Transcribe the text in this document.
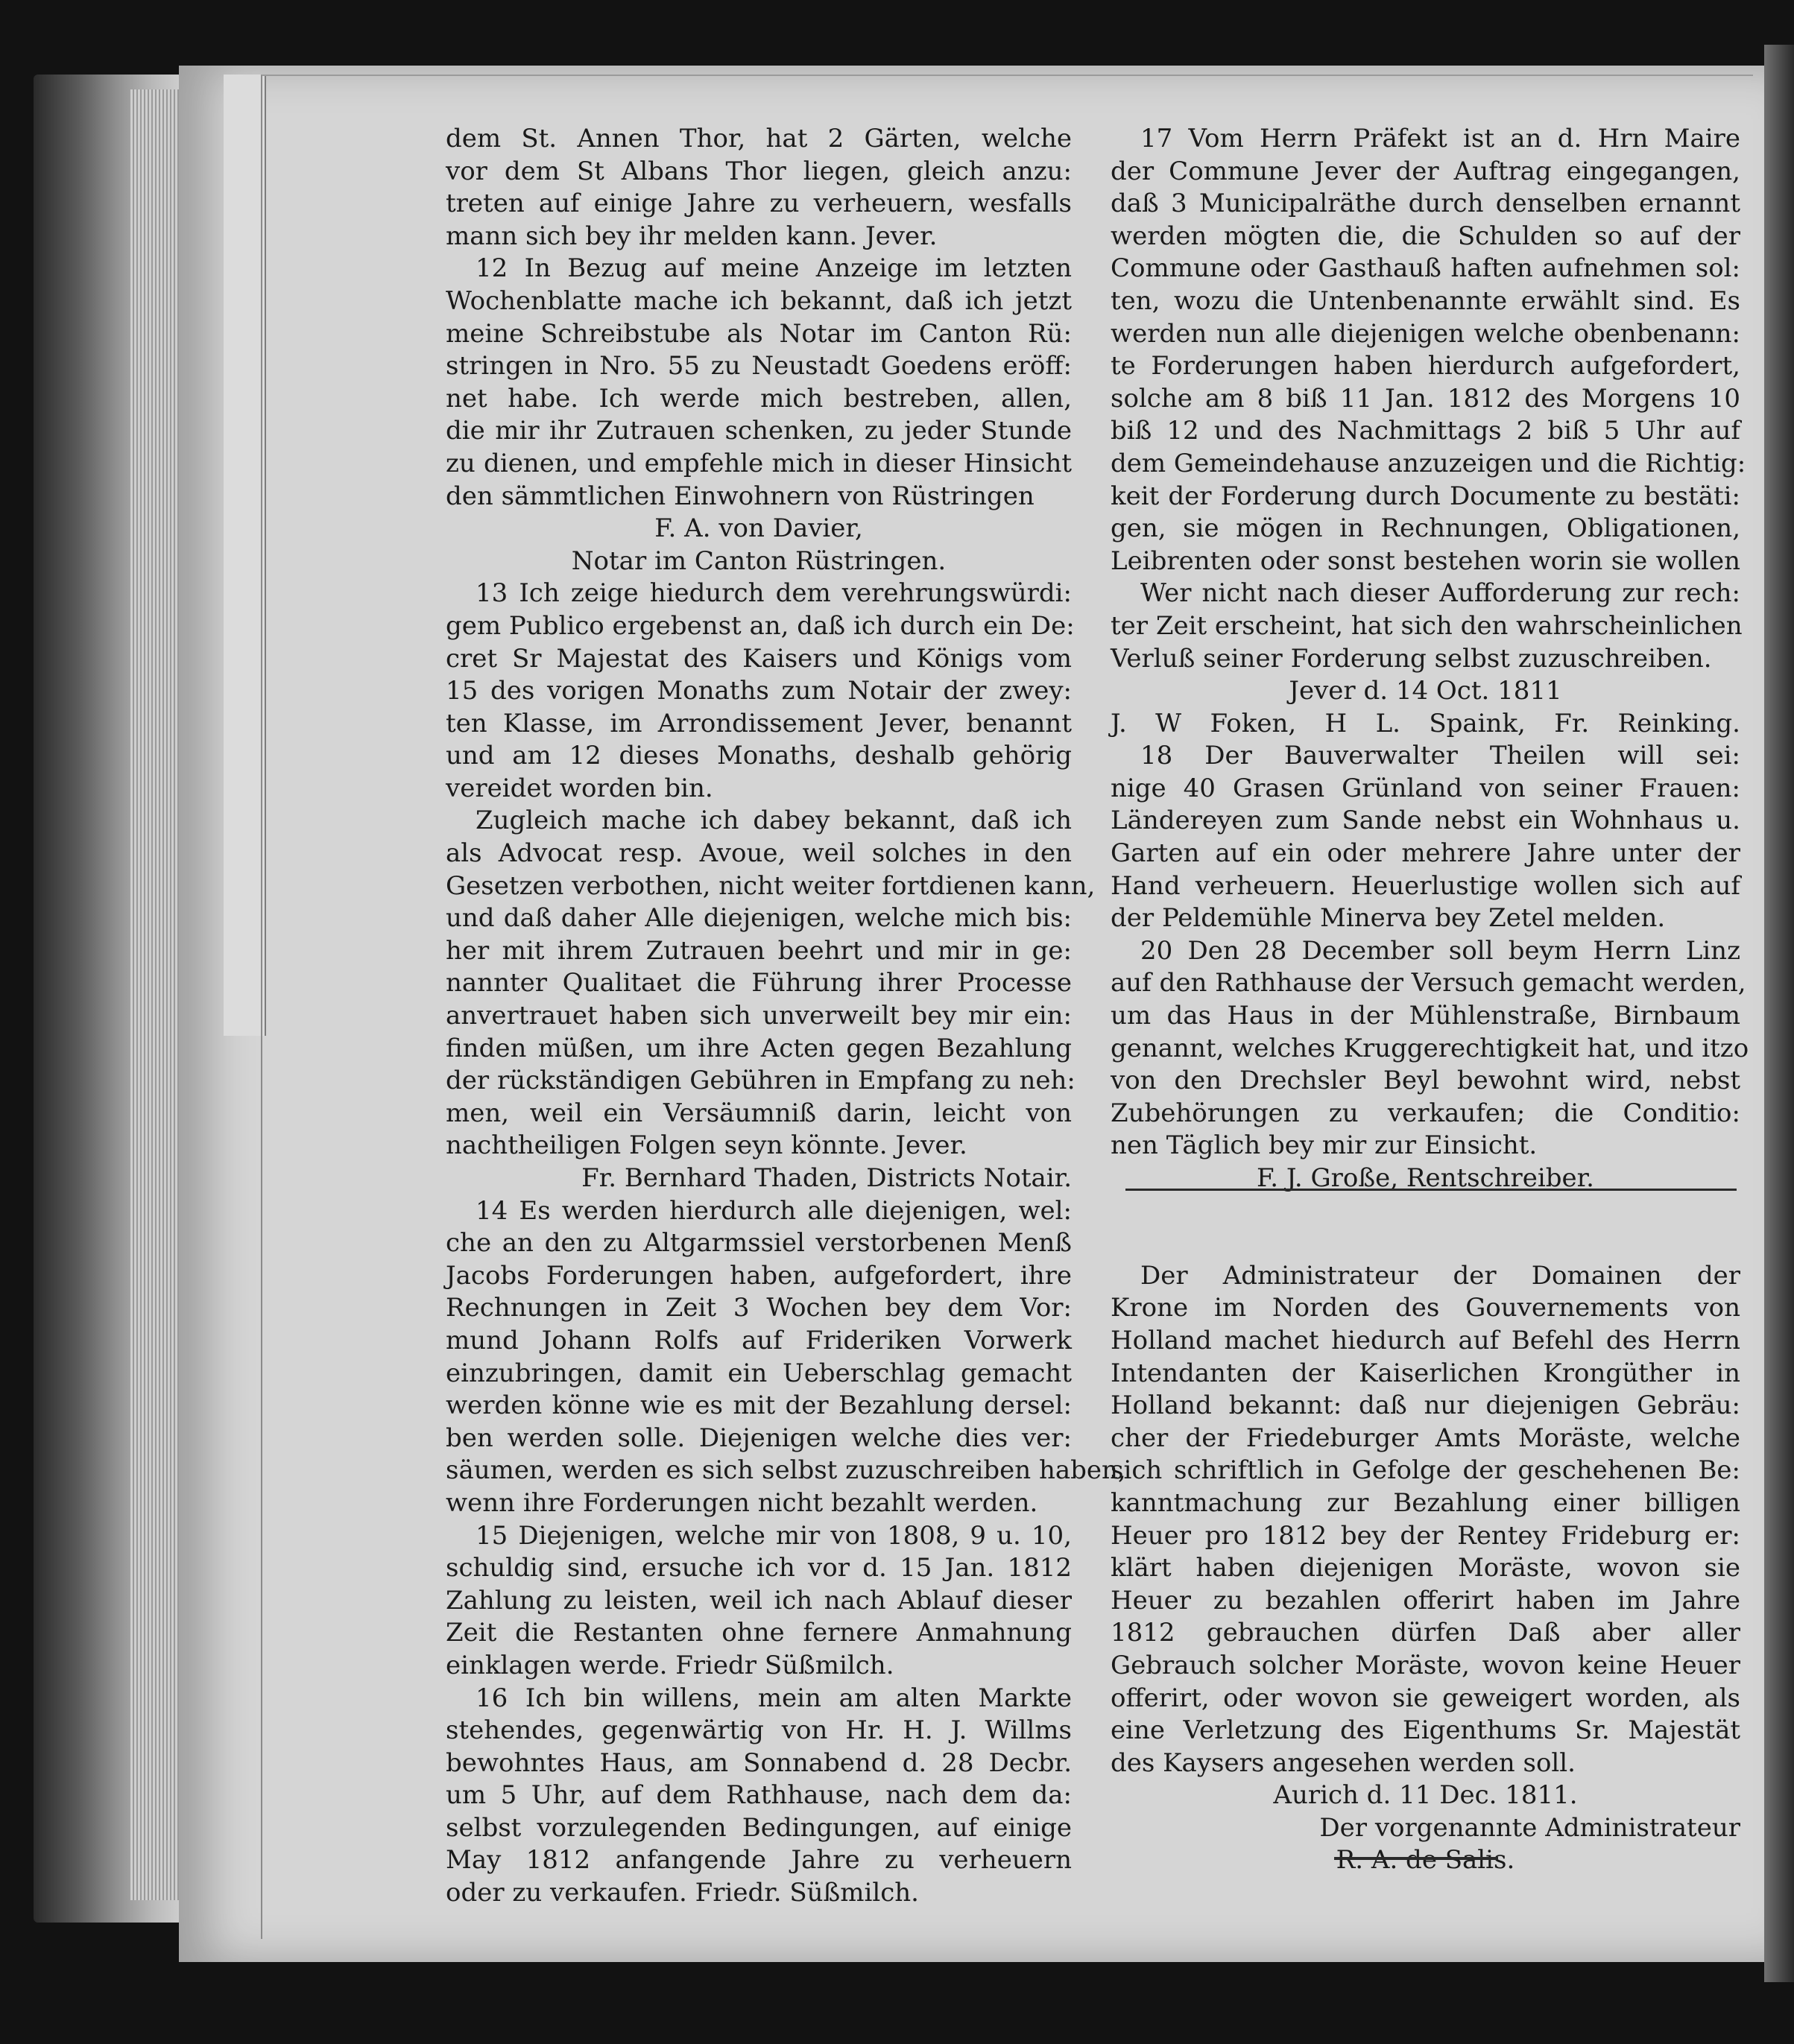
dem St. Annen Thor, hat 2 Gärten, welche
vor dem St Albans Thor liegen, gleich anzu:
treten auf einige Jahre zu verheuern, wesfalls
mann sich bey ihr melden kann. Jever.
12 In Bezug auf meine Anzeige im letzten
Wochenblatte mache ich bekannt, daß ich jetzt
meine Schreibstube als Notar im Canton Rü:
stringen in Nro. 55 zu Neustadt Goedens eröff:
net habe. Ich werde mich bestreben, allen,
die mir ihr Zutrauen schenken, zu jeder Stunde
zu dienen, und empfehle mich in dieser Hinsicht
den sämmtlichen Einwohnern von Rüstringen
F. A. von Davier,
Notar im Canton Rüstringen.
13 Ich zeige hiedurch dem verehrungswürdi:
gem Publico ergebenst an, daß ich durch ein De:
cret Sr Majestat des Kaisers und Königs vom
15 des vorigen Monaths zum Notair der zwey:
ten Klasse, im Arrondissement Jever, benannt
und am 12 dieses Monaths, deshalb gehörig
vereidet worden bin.
Zugleich mache ich dabey bekannt, daß ich
als Advocat resp. Avoue, weil solches in den
Gesetzen verbothen, nicht weiter fortdienen kann,
und daß daher Alle diejenigen, welche mich bis:
her mit ihrem Zutrauen beehrt und mir in ge:
nannter Qualitaet die Führung ihrer Processe
anvertrauet haben sich unverweilt bey mir ein:
finden müßen, um ihre Acten gegen Bezahlung
der rückständigen Gebühren in Empfang zu neh:
men, weil ein Versäumniß darin, leicht von
nachtheiligen Folgen seyn könnte. Jever.
Fr. Bernhard Thaden, Districts Notair.
14 Es werden hierdurch alle diejenigen, wel:
che an den zu Altgarmssiel verstorbenen Menß
Jacobs Forderungen haben, aufgefordert, ihre
Rechnungen in Zeit 3 Wochen bey dem Vor:
mund Johann Rolfs auf Frideriken Vorwerk
einzubringen, damit ein Ueberschlag gemacht
werden könne wie es mit der Bezahlung dersel:
ben werden solle. Diejenigen welche dies ver:
säumen, werden es sich selbst zuzuschreiben haben,
wenn ihre Forderungen nicht bezahlt werden.
15 Diejenigen, welche mir von 1808, 9 u. 10,
schuldig sind, ersuche ich vor d. 15 Jan. 1812
Zahlung zu leisten, weil ich nach Ablauf dieser
Zeit die Restanten ohne fernere Anmahnung
einklagen werde. Friedr Süßmilch.
16 Ich bin willens, mein am alten Markte
stehendes, gegenwärtig von Hr. H. J. Willms
bewohntes Haus, am Sonnabend d. 28 Decbr.
um 5 Uhr, auf dem Rathhause, nach dem da:
selbst vorzulegenden Bedingungen, auf einige
May 1812 anfangende Jahre zu verheuern
oder zu verkaufen. Friedr. Süßmilch.
17 Vom Herrn Präfekt ist an d. Hrn Maire
der Commune Jever der Auftrag eingegangen,
daß 3 Municipalräthe durch denselben ernannt
werden mögten die, die Schulden so auf der
Commune oder Gasthauß haften aufnehmen sol:
ten, wozu die Untenbenannte erwählt sind. Es
werden nun alle diejenigen welche obenbenann:
te Forderungen haben hierdurch aufgefordert,
solche am 8 biß 11 Jan. 1812 des Morgens 10
biß 12 und des Nachmittags 2 biß 5 Uhr auf
dem Gemeindehause anzuzeigen und die Richtig:
keit der Forderung durch Documente zu bestäti:
gen, sie mögen in Rechnungen, Obligationen,
Leibrenten oder sonst bestehen worin sie wollen
Wer nicht nach dieser Aufforderung zur rech:
ter Zeit erscheint, hat sich den wahrscheinlichen
Verluß seiner Forderung selbst zuzuschreiben.
Jever d. 14 Oct. 1811
J. W Foken, H L. Spaink, Fr. Reinking.
18 Der Bauverwalter Theilen will sei:
nige 40 Grasen Grünland von seiner Frauen:
Ländereyen zum Sande nebst ein Wohnhaus u.
Garten auf ein oder mehrere Jahre unter der
Hand verheuern. Heuerlustige wollen sich auf
der Peldemühle Minerva bey Zetel melden.
20 Den 28 December soll beym Herrn Linz
auf den Rathhause der Versuch gemacht werden,
um das Haus in der Mühlenstraße, Birnbaum
genannt, welches Kruggerechtigkeit hat, und itzo
von den Drechsler Beyl bewohnt wird, nebst
Zubehörungen zu verkaufen; die Conditio:
nen Täglich bey mir zur Einsicht.
F. J. Große, Rentschreiber.
Der Administrateur der Domainen der
Krone im Norden des Gouvernements von
Holland machet hiedurch auf Befehl des Herrn
Intendanten der Kaiserlichen Krongüther in
Holland bekannt: daß nur diejenigen Gebräu:
cher der Friedeburger Amts Moräste, welche
sich schriftlich in Gefolge der geschehenen Be:
kanntmachung zur Bezahlung einer billigen
Heuer pro 1812 bey der Rentey Frideburg er:
klärt haben diejenigen Moräste, wovon sie
Heuer zu bezahlen offerirt haben im Jahre
1812 gebrauchen dürfen Daß aber aller
Gebrauch solcher Moräste, wovon keine Heuer
offerirt, oder wovon sie geweigert worden, als
eine Verletzung des Eigenthums Sr. Majestät
des Kaysers angesehen werden soll.
Aurich d. 11 Dec. 1811.
Der vorgenannte Administrateur
R. A. de Salis.
